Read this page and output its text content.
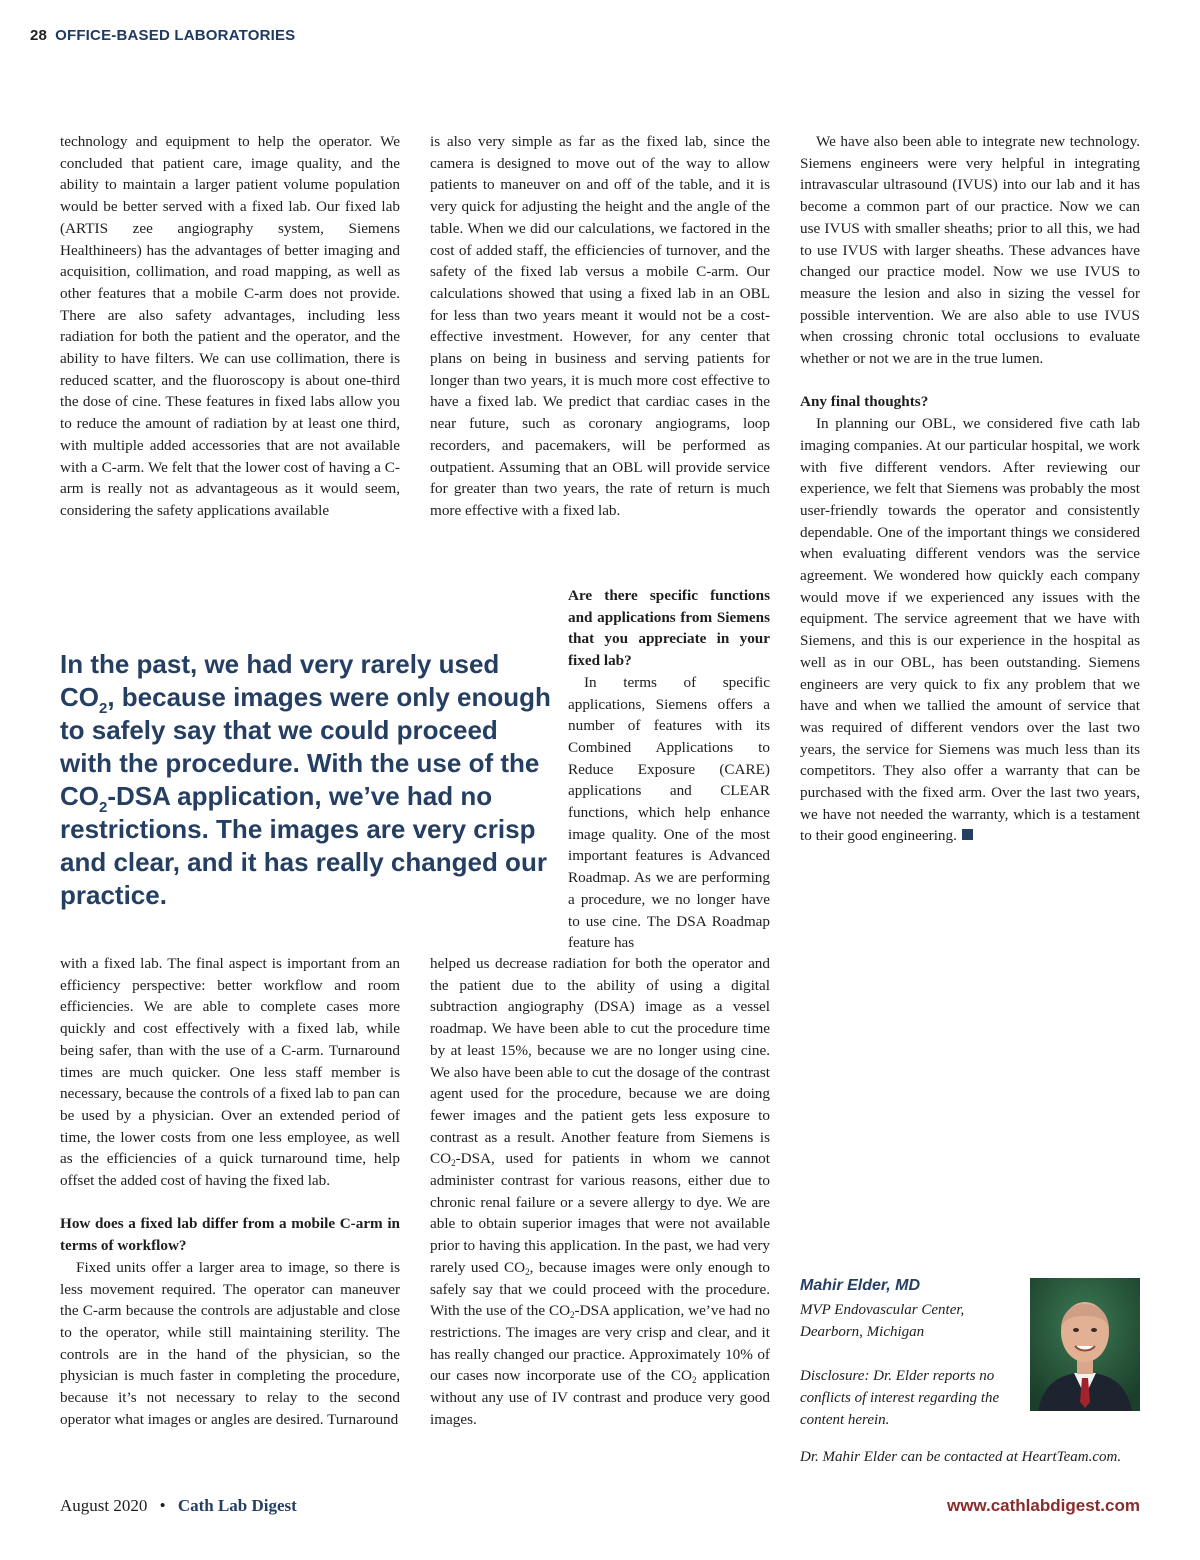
28 OFFICE-BASED LABORATORIES

technology and equipment to help the operator. We concluded that patient care, image quality, and the ability to maintain a larger patient volume population would be better served with a fixed lab. Our fixed lab (ARTIS zee angiography system, Siemens Healthineers) has the advantages of better imaging and acquisition, collimation, and road mapping, as well as other features that a mobile C-arm does not provide. There are also safety advantages, including less radiation for both the patient and the operator, and the ability to have filters. We can use collimation, there is reduced scatter, and the fluoroscopy is about one-third the dose of cine. These features in fixed labs allow you to reduce the amount of radiation by at least one third, with multiple added accessories that are not available with a C-arm. We felt that the lower cost of having a C-arm is really not as advantageous as it would seem, considering the safety applications available

is also very simple as far as the fixed lab, since the camera is designed to move out of the way to allow patients to maneuver on and off of the table, and it is very quick for adjusting the height and the angle of the table. When we did our calculations, we factored in the cost of added staff, the efficiencies of turnover, and the safety of the fixed lab versus a mobile C-arm. Our calculations showed that using a fixed lab in an OBL for less than two years meant it would not be a cost-effective investment. However, for any center that plans on being in business and serving patients for longer than two years, it is much more cost effective to have a fixed lab. We predict that cardiac cases in the near future, such as coronary angiograms, loop recorders, and pacemakers, will be performed as outpatient. Assuming that an OBL will provide service for greater than two years, the rate of return is much more effective with a fixed lab.

Are there specific functions and applications from Siemens that you appreciate in your fixed lab?

In terms of specific applications, Siemens offers a number of features with its Combined Applications to Reduce Exposure (CARE) applications and CLEAR functions, which help enhance image quality. One of the most important features is Advanced Roadmap. As we are performing a procedure, we no longer have to use cine. The DSA Roadmap feature has

In the past, we had very rarely used $CO_2$, because images were only enough to safely say that we could proceed with the procedure. With the use of the $CO_2$-DSA application, we’ve had no restrictions. The images are very crisp and clear, and it has really changed our practice.

with a fixed lab. The final aspect is important from an efficiency perspective: better workflow and room efficiencies. We are able to complete cases more quickly and cost effectively with a fixed lab, while being safer, than with the use of a C-arm. Turnaround times are much quicker. One less staff member is necessary, because the controls of a fixed lab to pan can be used by a physician. Over an extended period of time, the lower costs from one less employee, as well as the efficiencies of a quick turnaround time, help offset the added cost of having the fixed lab.

How does a fixed lab differ from a mobile C-arm in terms of workflow?

Fixed units offer a larger area to image, so there is less movement required. The operator can maneuver the C-arm because the controls are adjustable and close to the operator, while still maintaining sterility. The controls are in the hand of the physician, so the physician is much faster in completing the procedure, because it’s not necessary to relay to the second operator what images or angles are desired. Turnaround

helped us decrease radiation for both the operator and the patient due to the ability of using a digital subtraction angiography (DSA) image as a vessel roadmap. We have been able to cut the procedure time by at least 15%, because we are no longer using cine. We also have been able to cut the dosage of the contrast agent used for the procedure, because we are doing fewer images and the patient gets less exposure to contrast as a result. Another feature from Siemens is $CO_2$-DSA, used for patients in whom we cannot administer contrast for various reasons, either due to chronic renal failure or a severe allergy to dye. We are able to obtain superior images that were not available prior to having this application. In the past, we had very rarely used $CO_2$, because images were only enough to safely say that we could proceed with the procedure. With the use of the $CO_2$-DSA application, we’ve had no restrictions. The images are very crisp and clear, and it has really changed our practice. Approximately 10% of our cases now incorporate use of the $CO_2$ application without any use of IV contrast and produce very good images.

We have also been able to integrate new technology. Siemens engineers were very helpful in integrating intravascular ultrasound (IVUS) into our lab and it has become a common part of our practice. Now we can use IVUS with smaller sheaths; prior to all this, we had to use IVUS with larger sheaths. These advances have changed our practice model. Now we use IVUS to measure the lesion and also in sizing the vessel for possible intervention. We are also able to use IVUS when crossing chronic total occlusions to evaluate whether or not we are in the true lumen.

Any final thoughts?

In planning our OBL, we considered five cath lab imaging companies. At our particular hospital, we work with five different vendors. After reviewing our experience, we felt that Siemens was probably the most user-friendly towards the operator and consistently dependable. One of the important things we considered when evaluating different vendors was the service agreement. We wondered how quickly each company would move if we experienced any issues with the equipment. The service agreement that we have with Siemens, and this is our experience in the hospital as well as in our OBL, has been outstanding. Siemens engineers are very quick to fix any problem that we have and when we tallied the amount of service that was required of different vendors over the last two years, the service for Siemens was much less than its competitors. They also offer a warranty that can be purchased with the fixed arm. Over the last two years, we have not needed the warranty, which is a testament to their good engineering.

Mahir Elder, MD

MVP Endovascular Center,

Dearborn, Michigan

Disclosure: Dr. Elder reports no conflicts of interest regarding the content herein.

Dr. Mahir Elder can be contacted at HeartTeam.com.
August 2020 • Cath Lab Digest	www.cathlabdigest.com
